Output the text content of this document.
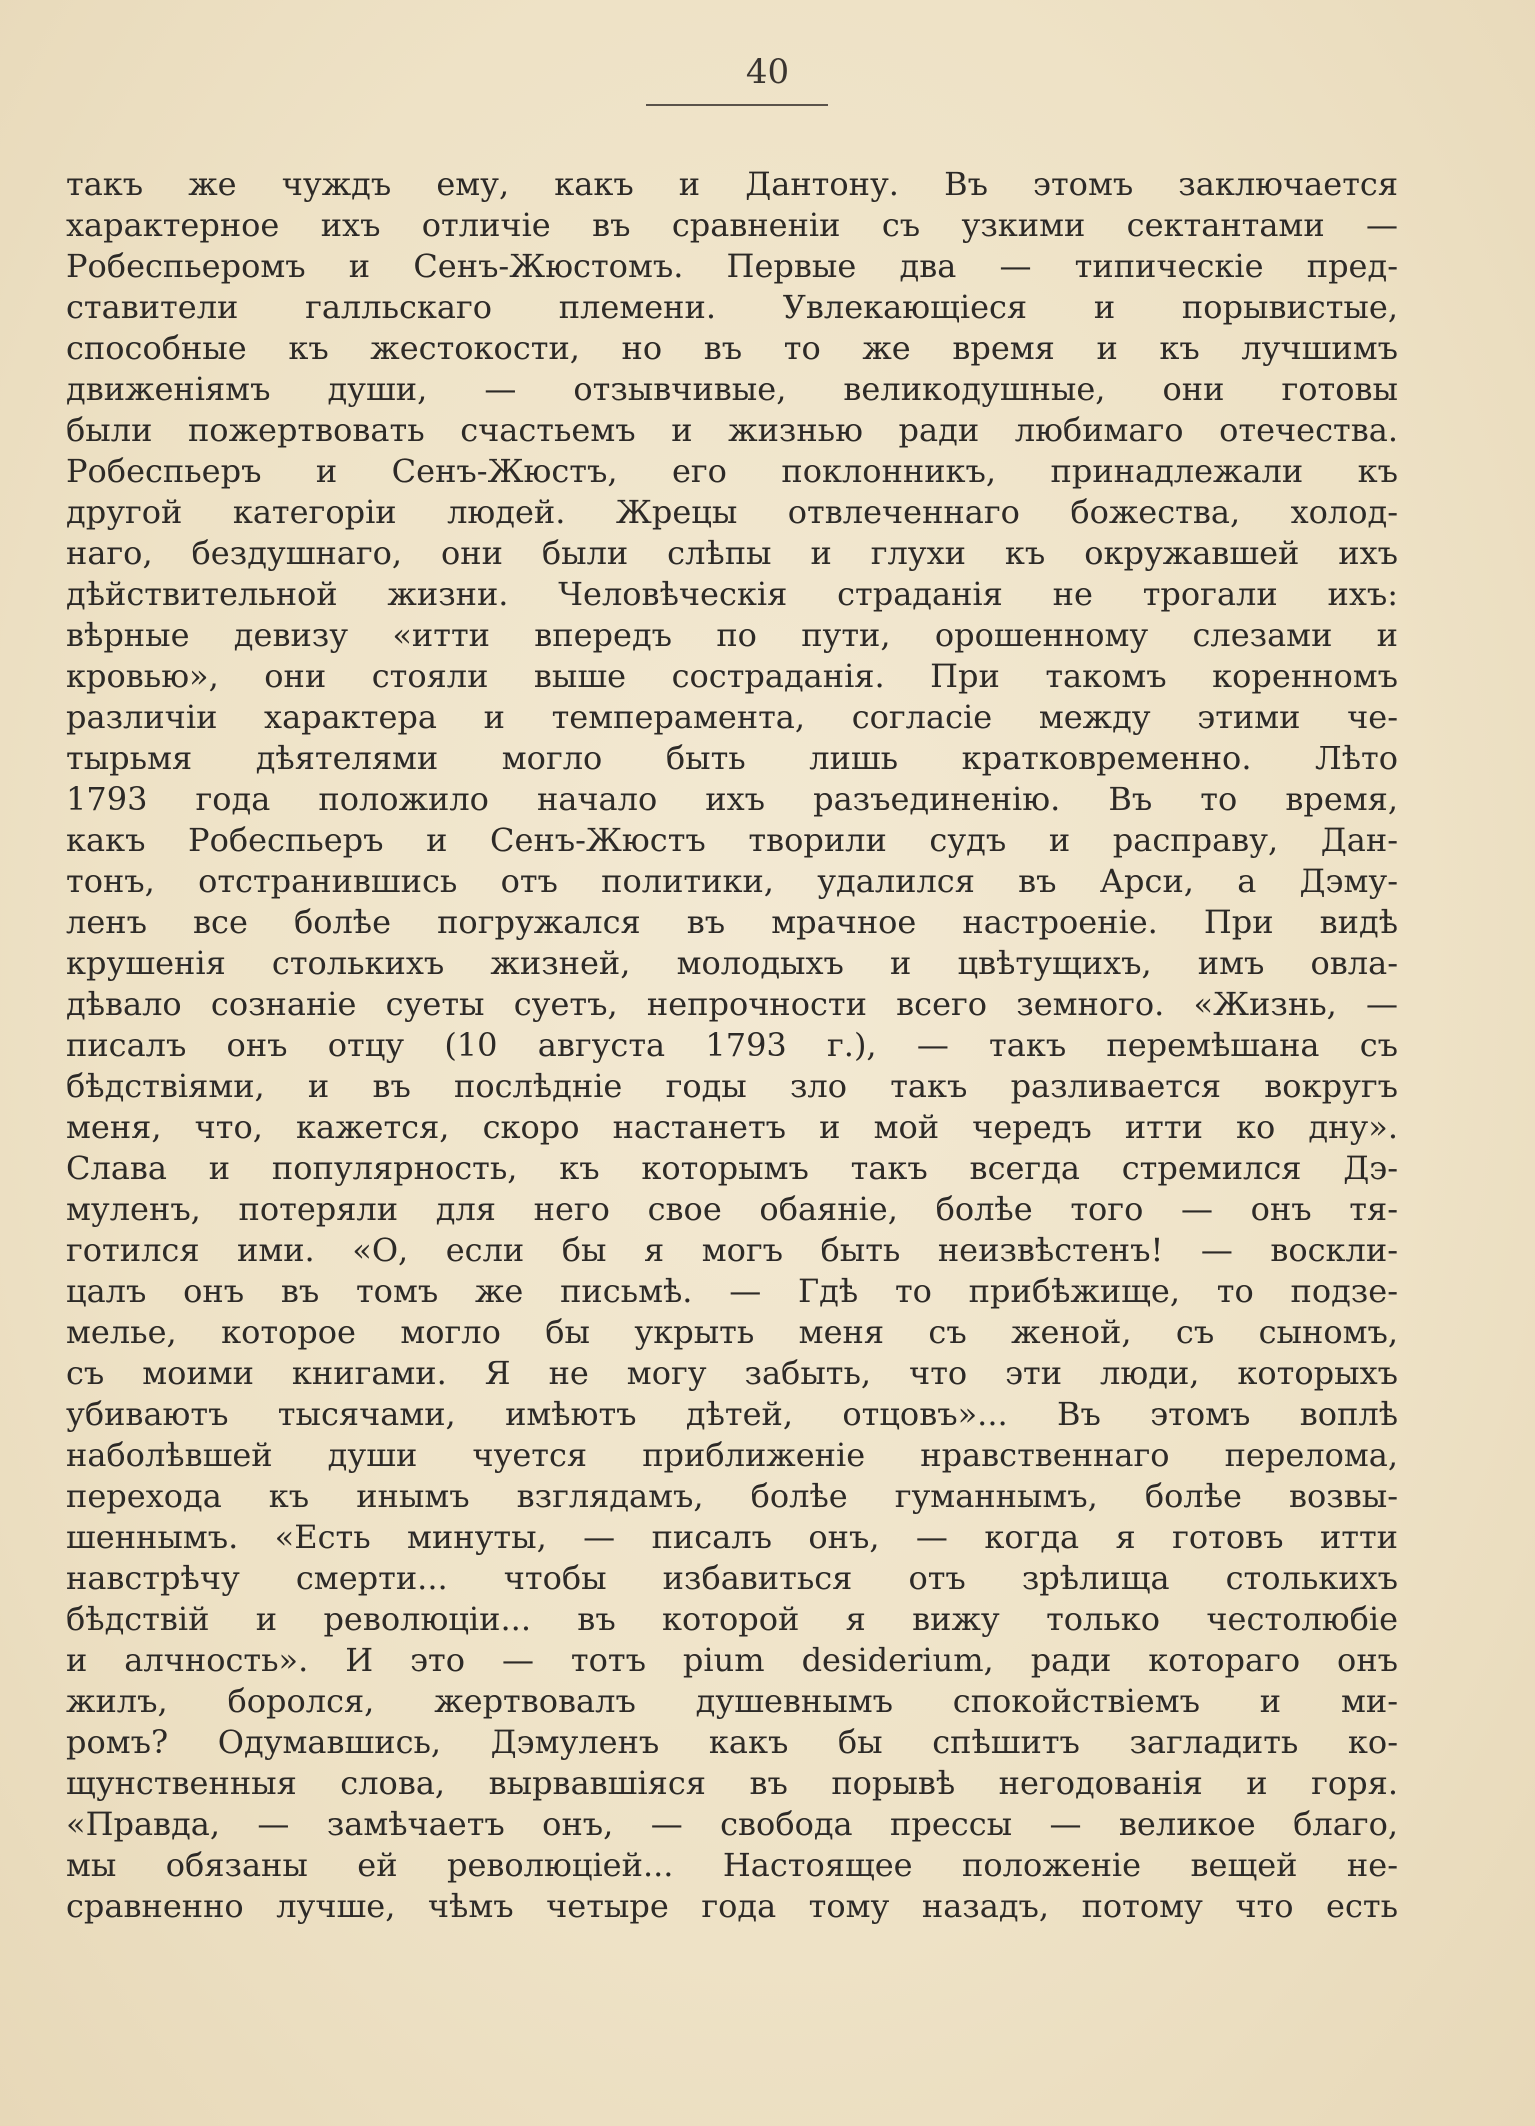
40
такъ же чуждъ ему, какъ и Дантону. Въ этомъ заключается
характерное ихъ отличіе въ сравненіи съ узкими сектантами —
Робеспьеромъ и Сенъ-Жюстомъ. Первые два — типическіе пред-
ставители галльскаго племени. Увлекающіеся и порывистые,
способные къ жестокости, но въ то же время и къ лучшимъ
движеніямъ души, — отзывчивые, великодушные, они готовы
были пожертвовать счастьемъ и жизнью ради любимаго отечества.
Робеспьеръ и Сенъ-Жюстъ, его поклонникъ, принадлежали къ
другой категоріи людей. Жрецы отвлеченнаго божества, холод-
наго, бездушнаго, они были слѣпы и глухи къ окружавшей ихъ
дѣйствительной жизни. Человѣческія страданія не трогали ихъ:
вѣрные девизу «итти впередъ по пути, орошенному слезами и
кровью», они стояли выше состраданія. При такомъ коренномъ
различіи характера и темперамента, согласіе между этими че-
тырьмя дѣятелями могло быть лишь кратковременно. Лѣто
1793 года положило начало ихъ разъединенію. Въ то время,
какъ Робеспьеръ и Сенъ-Жюстъ творили судъ и расправу, Дан-
тонъ, отстранившись отъ политики, удалился въ Арси, а Дэму-
ленъ все болѣе погружался въ мрачное настроеніе. При видѣ
крушенія столькихъ жизней, молодыхъ и цвѣтущихъ, имъ овла-
дѣвало сознаніе суеты суетъ, непрочности всего земного. «Жизнь, —
писалъ онъ отцу (10 августа 1793 г.), — такъ перемѣшана съ
бѣдствіями, и въ послѣдніе годы зло такъ разливается вокругъ
меня, что, кажется, скоро настанетъ и мой чередъ итти ко дну».
Слава и популярность, къ которымъ такъ всегда стремился Дэ-
муленъ, потеряли для него свое обаяніе, болѣе того — онъ тя-
готился ими. «О, если бы я могъ быть неизвѣстенъ! — воскли-
цалъ онъ въ томъ же письмѣ. — Гдѣ то прибѣжище, то подзе-
мелье, которое могло бы укрыть меня съ женой, съ сыномъ,
съ моими книгами. Я не могу забыть, что эти люди, которыхъ
убиваютъ тысячами, имѣютъ дѣтей, отцовъ»... Въ этомъ воплѣ
наболѣвшей души чуется приближеніе нравственнаго перелома,
перехода къ инымъ взглядамъ, болѣе гуманнымъ, болѣе возвы-
шеннымъ. «Есть минуты, — писалъ онъ, — когда я готовъ итти
навстрѣчу смерти... чтобы избавиться отъ зрѣлища столькихъ
бѣдствій и революціи... въ которой я вижу только честолюбіе
и алчность». И это — тотъ pium desiderium, ради котораго онъ
жилъ, боролся, жертвовалъ душевнымъ спокойствіемъ и ми-
ромъ? Одумавшись, Дэмуленъ какъ бы спѣшитъ загладить ко-
щунственныя слова, вырвавшіяся въ порывѣ негодованія и горя.
«Правда, — замѣчаетъ онъ, — свобода прессы — великое благо,
мы обязаны ей революціей... Настоящее положеніе вещей не-
сравненно лучше, чѣмъ четыре года тому назадъ, потому что есть
